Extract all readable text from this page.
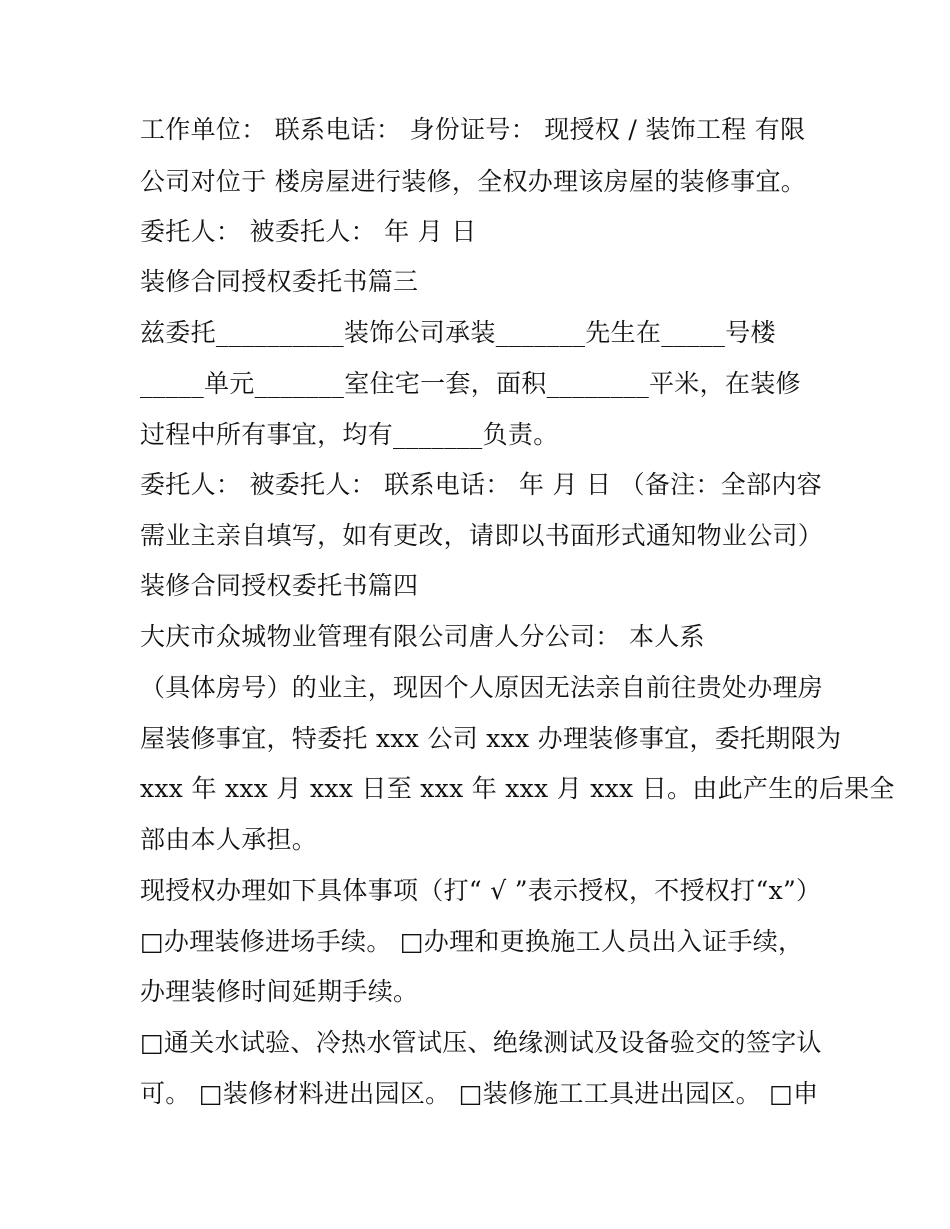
工作单位： 联系电话： 身份证号： 现授权 / 装饰工程 有限
公司对位于 楼房屋进行装修，全权办理该房屋的装修事宜。
委托人： 被委托人： 年 月 日
装修合同授权委托书篇三
兹委托__________装饰公司承装_______先生在_____号楼
_____单元_______室住宅一套，面积________平米，在装修
过程中所有事宜，均有_______负责。
委托人： 被委托人： 联系电话： 年 月 日 （备注：全部内容
需业主亲自填写，如有更改，请即以书面形式通知物业公司）
装修合同授权委托书篇四
大庆市众城物业管理有限公司唐人分公司： 本人系
（具体房号）的业主，现因个人原因无法亲自前往贵处办理房
屋装修事宜，特委托 xxx 公司 xxx 办理装修事宜，委托期限为
xxx 年 xxx 月 xxx 日至 xxx 年 xxx 月 xxx 日。由此产生的后果全
部由本人承担。
现授权办理如下具体事项（打“ √ ”表示授权，不授权打“x”）
□办理装修进场手续。 □办理和更换施工人员出入证手续，
办理装修时间延期手续。
□通关水试验、冷热水管试压、绝缘测试及设备验交的签字认
可。 □装修材料进出园区。 □装修施工工具进出园区。 □申
